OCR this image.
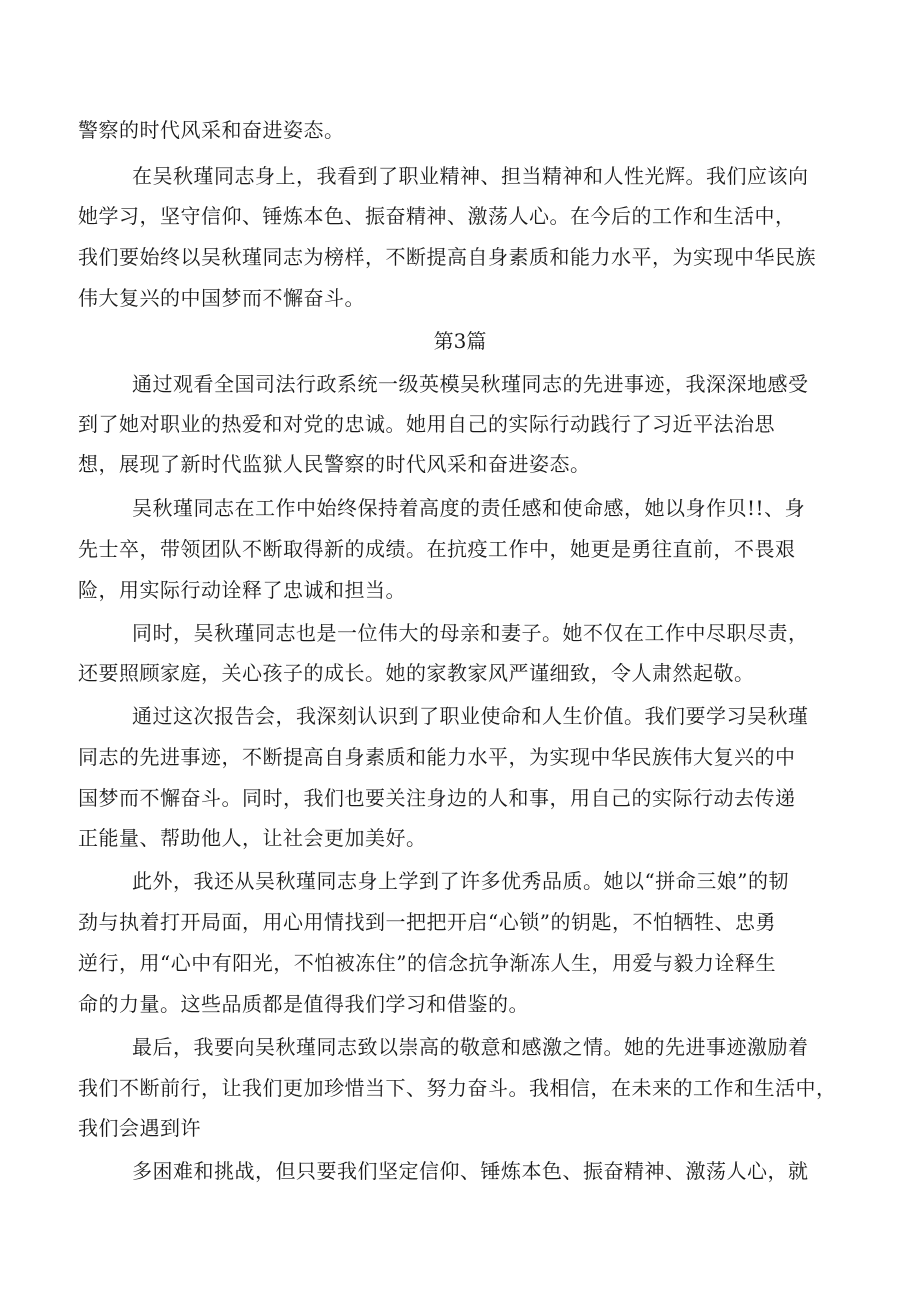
警察的时代风采和奋进姿态。
在吴秋瑾同志身上，我看到了职业精神、担当精神和人性光辉。我们应该向
她学习，坚守信仰、锤炼本色、振奋精神、激荡人心。在今后的工作和生活中，
我们要始终以吴秋瑾同志为榜样，不断提高自身素质和能力水平，为实现中华民族
伟大复兴的中国梦而不懈奋斗。
第3篇
通过观看全国司法行政系统一级英模吴秋瑾同志的先进事迹，我深深地感受
到了她对职业的热爱和对党的忠诚。她用自己的实际行动践行了习近平法治思
想，展现了新时代监狱人民警察的时代风采和奋进姿态。
吴秋瑾同志在工作中始终保持着高度的责任感和使命感，她以身作贝!!、身
先士卒，带领团队不断取得新的成绩。在抗疫工作中，她更是勇往直前，不畏艰
险，用实际行动诠释了忠诚和担当。
同时，吴秋瑾同志也是一位伟大的母亲和妻子。她不仅在工作中尽职尽责，
还要照顾家庭，关心孩子的成长。她的家教家风严谨细致，令人肃然起敬。
通过这次报告会，我深刻认识到了职业使命和人生价值。我们要学习吴秋瑾
同志的先进事迹，不断提高自身素质和能力水平，为实现中华民族伟大复兴的中
国梦而不懈奋斗。同时，我们也要关注身边的人和事，用自己的实际行动去传递
正能量、帮助他人，让社会更加美好。
此外，我还从吴秋瑾同志身上学到了许多优秀品质。她以“拼命三娘”的韧
劲与执着打开局面，用心用情找到一把把开启“心锁”的钥匙，不怕牺牲、忠勇
逆行，用“心中有阳光，不怕被冻住”的信念抗争渐冻人生，用爱与毅力诠释生
命的力量。这些品质都是值得我们学习和借鉴的。
最后，我要向吴秋瑾同志致以崇高的敬意和感激之情。她的先进事迹激励着
我们不断前行，让我们更加珍惜当下、努力奋斗。我相信，在未来的工作和生活中，
我们会遇到许
多困难和挑战，但只要我们坚定信仰、锤炼本色、振奋精神、激荡人心，就
